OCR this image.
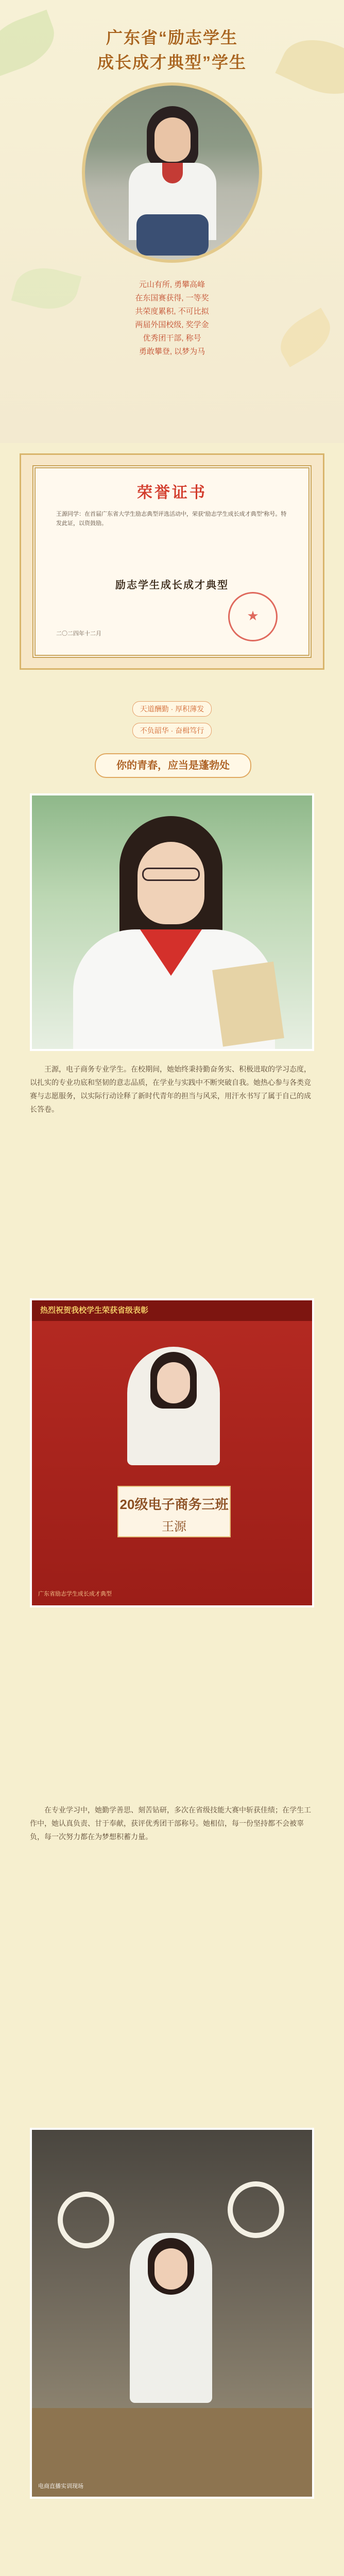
广东省“励志学生
成长成才典型”学生
元山有所, 勇攀高峰
在东国赛获得, 一等奖
共荣度累积, 不可比拟
两届外国校级, 奖学金
优秀团干部, 称号
勇敢攀登, 以梦为马
荣誉证书
王源同学：在首届广东省大学生励志典型评选活动中，荣获“励志学生成长成才典型”称号。特发此证，以资鼓励。
励志学生成长成才典型
★
二〇二四年十二月
天道酬勤 · 厚积薄发
不负韶华 · 奋楫笃行
你的青春，应当是蓬勃处
王源，电子商务专业学生。在校期间，她始终秉持勤奋务实、积极进取的学习态度，以扎实的专业功底和坚韧的意志品质，在学业与实践中不断突破自我。她热心参与各类竞赛与志愿服务，以实际行动诠释了新时代青年的担当与风采，用汗水书写了属于自己的成长答卷。
热烈祝贺我校学生荣获省级表彰
20级电子商务三班
王源
广东省励志学生成长成才典型
在专业学习中，她勤学善思、刻苦钻研，多次在省级技能大赛中斩获佳绩；在学生工作中，她认真负责、甘于奉献，获评优秀团干部称号。她相信，每一份坚持都不会被辜负，每一次努力都在为梦想积蓄力量。
电商直播实训现场
